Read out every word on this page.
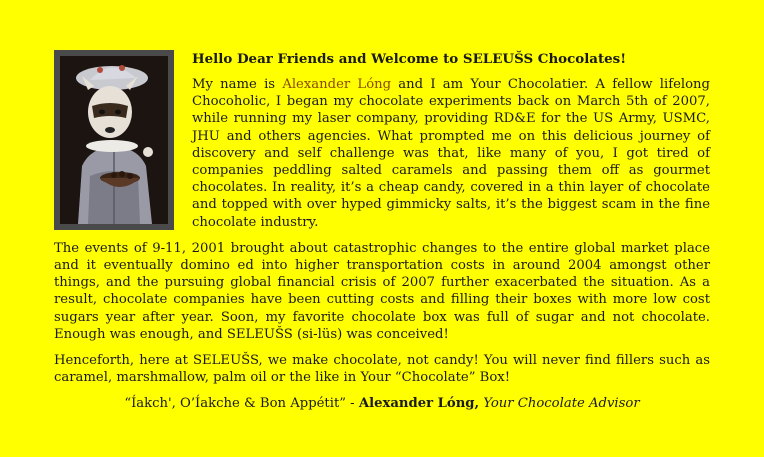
Hello Dear Friends and Welcome to SELEUŠS Chocolates!

My name is Alexander Lóng and I am Your Chocolatier. A fellow lifelong Chocoholic, I began my chocolate experiments back on March 5th of 2007, while running my laser company, providing RD&E for the US Army, USMC, JHU and others agencies. What prompted me on this delicious journey of discovery and self challenge was that, like many of you, I got tired of companies peddling salted caramels and passing them off as gourmet chocolates. In reality, it’s a cheap candy, covered in a thin layer of chocolate and topped with over hyped gimmicky salts, it’s the biggest scam in the fine chocolate industry.

The events of 9-11, 2001 brought about catastrophic changes to the entire global market place and it eventually domino ed into higher transportation costs in around 2004 amongst other things, and the pursuing global financial crisis of 2007 further exacerbated the situation. As a result, chocolate companies have been cutting costs and filling their boxes with more low cost sugars year after year. Soon, my favorite chocolate box was full of sugar and not chocolate. Enough was enough, and SELEUŠS (si-lüs) was conceived!

Henceforth, here at SELEUŠS, we make chocolate, not candy! You will never find fillers such as caramel, marshmallow, palm oil or the like in Your “Chocolate” Box!

“Íakch', O’Íakche & Bon Appétit” - Alexander Lóng, Your Chocolate Advisor
